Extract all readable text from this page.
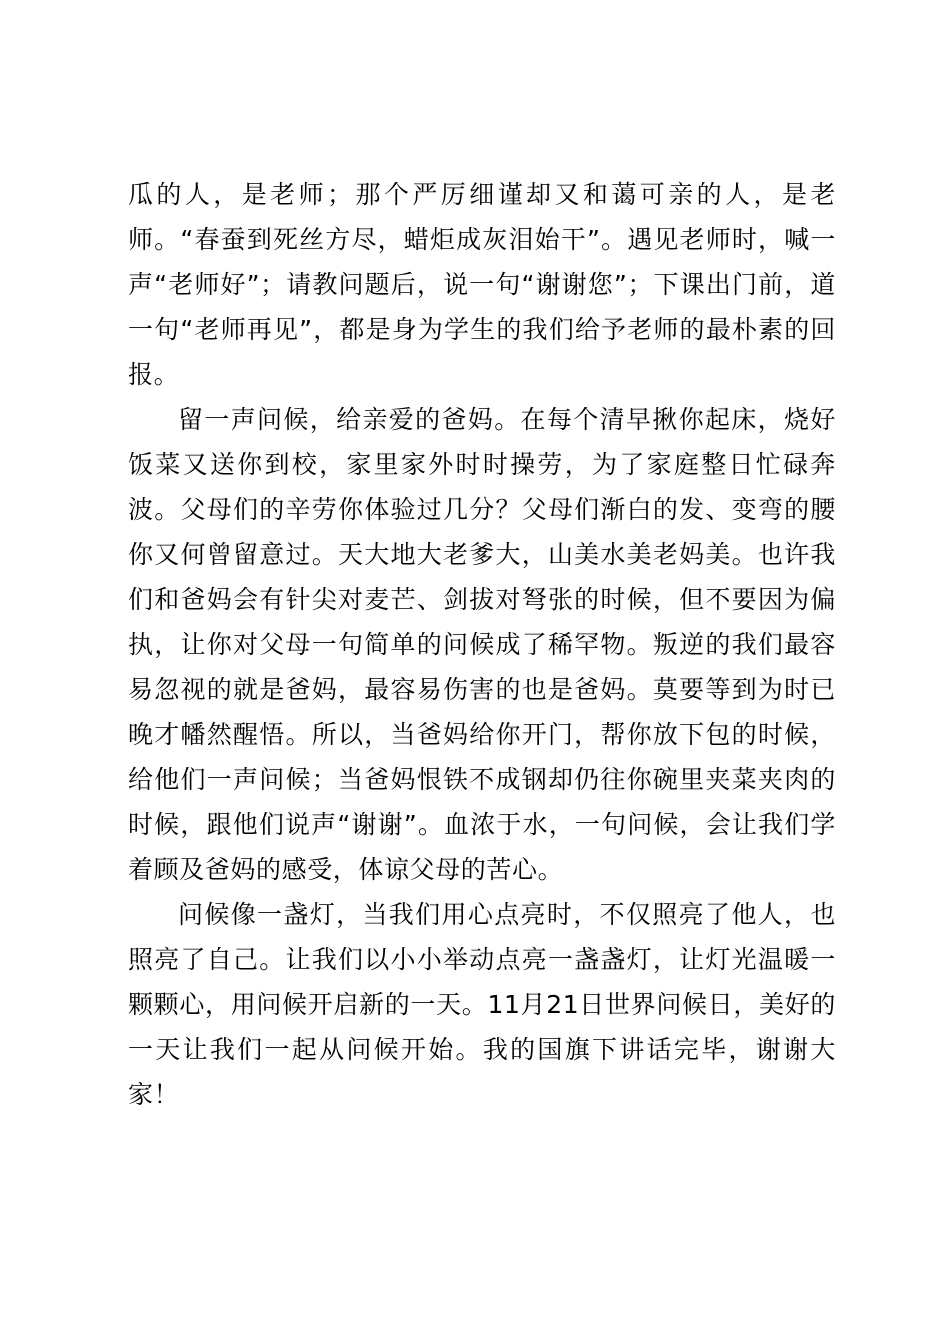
瓜的人，是老师；那个严厉细谨却又和蔼可亲的人，是老师。“春蚕到死丝方尽，蜡炬成灰泪始干”。遇见老师时，喊一声“老师好”；请教问题后，说一句“谢谢您”；下课出门前，道一句“老师再见”，都是身为学生的我们给予老师的最朴素的回报。

留一声问候，给亲爱的爸妈。在每个清早揪你起床，烧好饭菜又送你到校，家里家外时时操劳，为了家庭整日忙碌奔波。父母们的辛劳你体验过几分？父母们渐白的发、变弯的腰你又何曾留意过。天大地大老爹大，山美水美老妈美。也许我们和爸妈会有针尖对麦芒、剑拔对弩张的时候，但不要因为偏执，让你对父母一句简单的问候成了稀罕物。叛逆的我们最容易忽视的就是爸妈，最容易伤害的也是爸妈。莫要等到为时已晚才幡然醒悟。所以，当爸妈给你开门，帮你放下包的时候，给他们一声问候；当爸妈恨铁不成钢却仍往你碗里夹菜夹肉的时候，跟他们说声“谢谢”。血浓于水，一句问候，会让我们学着顾及爸妈的感受，体谅父母的苦心。

问候像一盏灯，当我们用心点亮时，不仅照亮了他人，也照亮了自己。让我们以小小举动点亮一盏盏灯，让灯光温暖一颗颗心，用问候开启新的一天。11月21日世界问候日，美好的一天让我们一起从问候开始。我的国旗下讲话完毕，谢谢大家！
